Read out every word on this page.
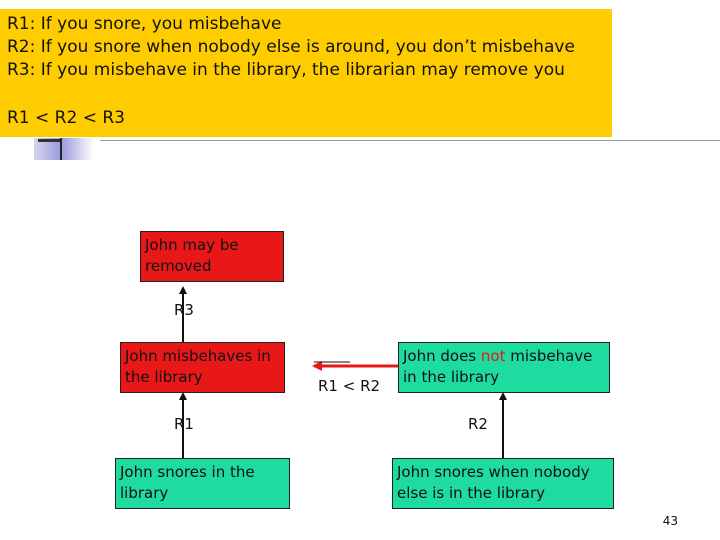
R1: If you snore, you misbehave
R2: If you snore when nobody else is around, you don’t misbehave
R3: If you misbehave in the library, the librarian may remove you
R1 < R2 < R3
John may be removed
John misbehaves in the library
John snores in the library
John does not misbehave in the library
John snores when nobody else is in the library
R3
R1	R2
R1 < R2
43
